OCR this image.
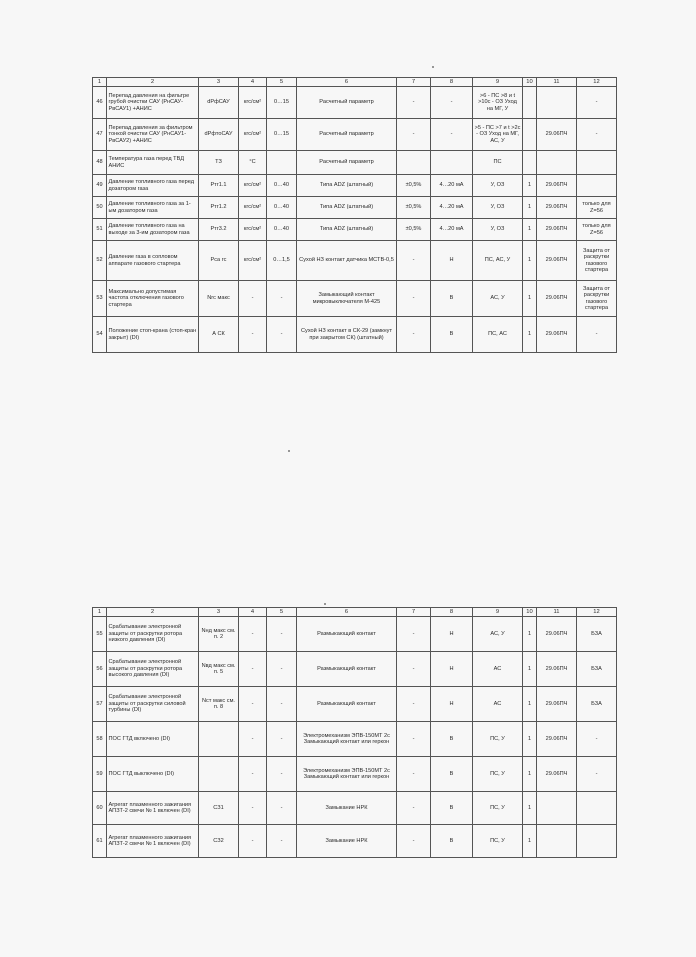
1	2	3	4	5	6	7	8	9	10	11	12
46	Перепад давления на фильтре грубой очистки САУ (РнСАУ-РвСАУ1) +АНИС	dPфСАУ	кгс/см²	0…15	Расчетный параметр	-	-	>6 - ПС >8 и t >10с - ОЗ Уход на МГ, У			-
47	Перепад давления за фильтром тонкой очистки САУ (РнСАУ1-РвСАУ2) +АНИС	dPфтоСАУ	кгс/см²	0…15	Расчетный параметр	-	-	>5 - ПС >7 и t >2с - ОЗ Уход на МГ, АС, У		29.06ПЧ	-
48	Температура газа перед ТВД АНИС	ТЗ	°С		Расчетный параметр			ПС			
49	Давление топливного газа перед дозатором газа	Ртг1.1	кгс/см²	0…40	Типа ADZ (штатный)	±0,5%	4…20 мА	У, ОЗ	1	29.06ПЧ	
50	Давление топливного газа за 1-ым дозатором газа	Ртг1.2	кгс/см²	0…40	Типа ADZ (штатный)	±0,5%	4…20 мА	У, ОЗ	1	29.06ПЧ	только для Z=56
51	Давление топливного газа на выходе за 3-им дозатором газа	Ртг3.2	кгс/см²	0…40	Типа ADZ (штатный)	±0,5%	4…20 мА	У, ОЗ	1	29.06ПЧ	только для Z=56
52	Давление газа в сопловом аппарате газового стартера	Рса гс	кгс/см²	0…1,5	Сухой НЗ контакт датчика МСТВ-0,5	-	Н	ПС, АС, У	1	29.06ПЧ	Защита от раскрутки газового стартера
53	Максимально допустимая частота отключения газового стартера	Nгс макс	-	-	Замыкающий контакт микровыключателя М-425	-	В	АС, У	1	29.06ПЧ	Защита от раскрутки газового стартера
54	Положение стоп-крана (стоп-кран закрыт) (DI)	А СК	-	-	Сухой НЗ контакт в СК-29 (замкнут при закрытом СК) (штатный)	-	В	ПС, АС	1	29.06ПЧ	-
1	2	3	4	5	6	7	8	9	10	11	12
55	Срабатывание электронной защиты от раскрутки ротора низкого давления (DI)	Nнд макс см. п. 2	-	-	Размыкающий контакт	-	Н	АС, У	1	29.06ПЧ	БЗА
56	Срабатывание электронной защиты от раскрутки ротора высокого давления (DI)	Nвд макс см. п. 5	-	-	Размыкающий контакт	-	Н	АС	1	29.06ПЧ	БЗА
57	Срабатывание электронной защиты от раскрутки силовой турбины (DI)	Nст макс см. п. 8	-	-	Размыкающий контакт	-	Н	АС	1	29.06ПЧ	БЗА
58	ПОС ГТД включено (DI)		-	-	Электромеханизм ЭПВ-150МТ 2с Замыкающий контакт или геркон	-	В	ПС, У	1	29.06ПЧ	-
59	ПОС ГТД выключено (DI)		-	-	Электромеханизм ЭПВ-150МТ 2с Замыкающий контакт или геркон	-	В	ПС, У	1	29.06ПЧ	-
60	Агрегат плазменного зажигания АПЗТ-2 свечи № 1 включен (DI)	СЗ1	-	-	Замыкание НРК	-	В	ПС, У	1		
61	Агрегат плазменного зажигания АПЗТ-2 свечи № 1 включен (DI)	СЗ2	-	-	Замыкание НРК	-	В	ПС, У	1		
